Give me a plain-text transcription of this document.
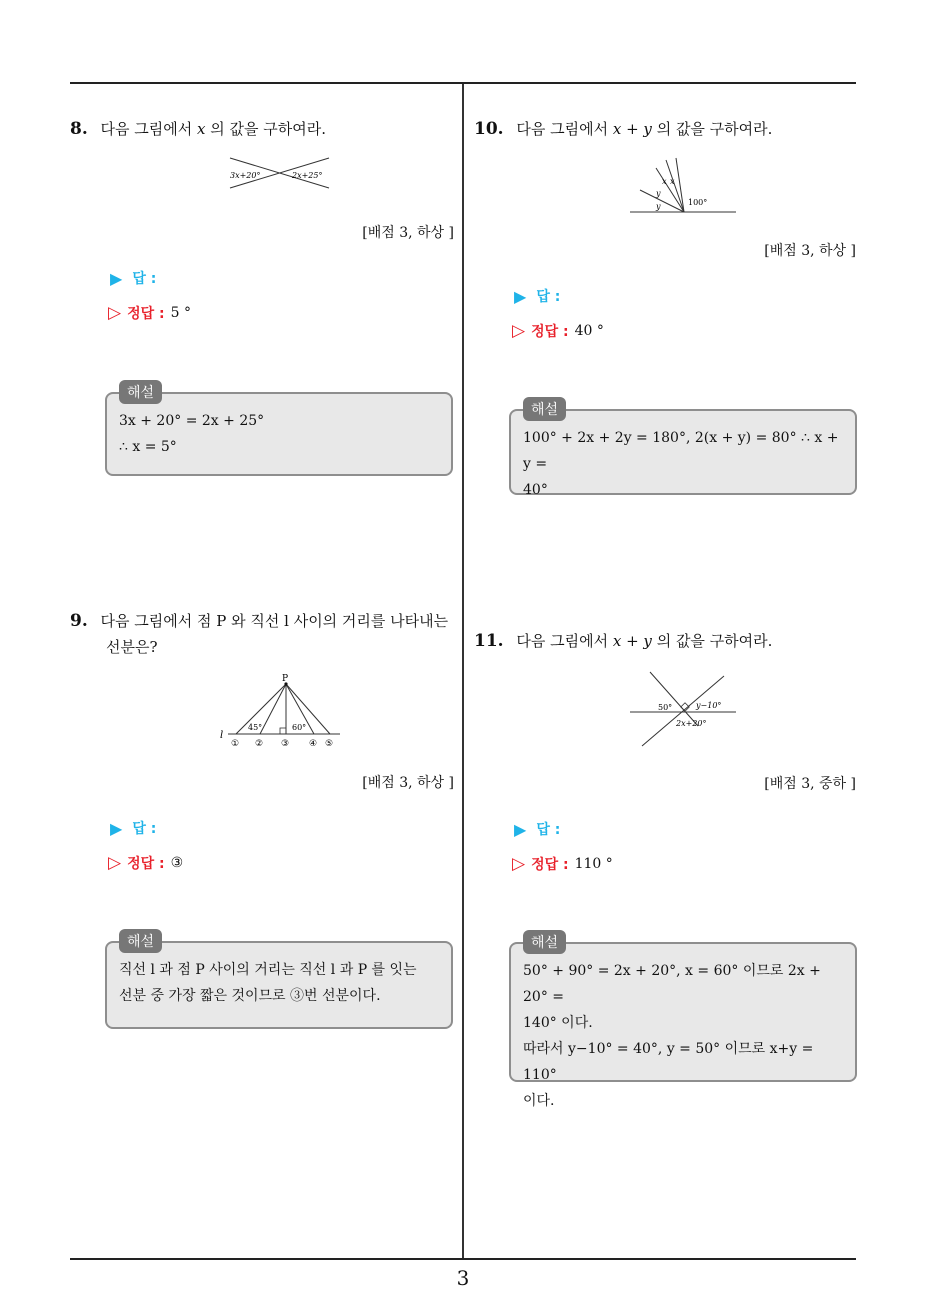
8. 다음 그림에서 x 의 값을 구하여라.
3x+20°	2x+25°
[배점 3, 하상 ]
▶ 답 :
▷ 정답 : 5 °
3x + 20° = 2x + 25°
∴ x = 5°
해설
10. 다음 그림에서 x + y 의 값을 구하여라.
x x
y
y	100°
[배점 3, 하상 ]
▶ 답 :
▷ 정답 : 40 °
100° + 2x + 2y = 180°, 2(x + y) = 80° ∴ x + y =
40°
해설
9. 다음 그림에서 점 P 와 직선 l 사이의 거리를 나타내는
선분은?
P
l
45°	60°
① ② ③ ④ ⑤
[배점 3, 하상 ]
▶ 답 :
▷ 정답 : ③
직선 l 과 점 P 사이의 거리는 직선 l 과 P 를 잇는
선분 중 가장 짧은 것이므로 ③번 선분이다.
해설
11. 다음 그림에서 x + y 의 값을 구하여라.
50°	y−10°
2x+20°
[배점 3, 중하 ]
▶ 답 :
▷ 정답 : 110 °
50° + 90° = 2x + 20°, x = 60° 이므로 2x + 20° =
140° 이다.
따라서 y−10° = 40°, y = 50° 이므로 x+y = 110°
이다.
해설
3
